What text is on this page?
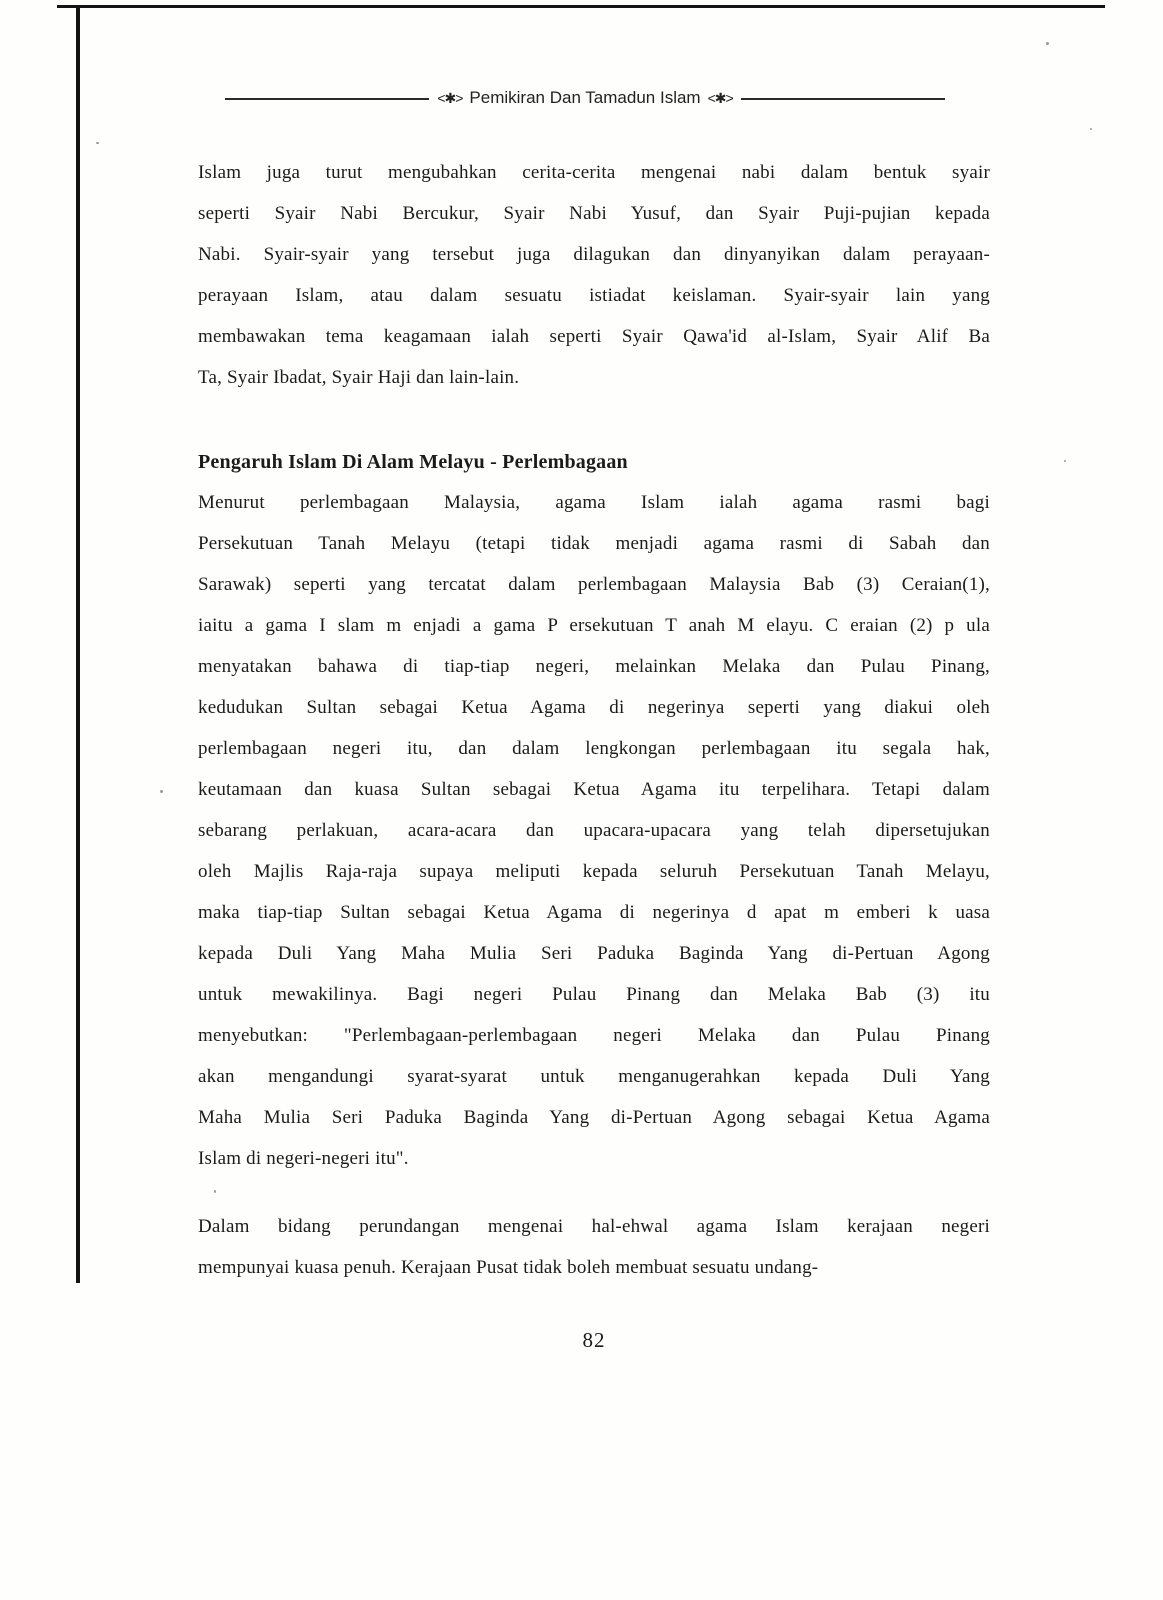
<✱> Pemikiran Dan Tamadun Islam <✱>
Islam juga turut mengubahkan cerita-cerita mengenai nabi dalam bentuk syair
seperti Syair Nabi Bercukur, Syair Nabi Yusuf, dan Syair Puji-pujian kepada
Nabi. Syair-syair yang tersebut juga dilagukan dan dinyanyikan dalam perayaan-
perayaan Islam, atau dalam sesuatu istiadat keislaman. Syair-syair lain yang
membawakan tema keagamaan ialah seperti Syair Qawa'id al-Islam, Syair Alif Ba
Ta, Syair Ibadat, Syair Haji dan lain-lain.
Pengaruh Islam Di Alam Melayu - Perlembagaan
Menurut perlembagaan Malaysia, agama Islam ialah agama rasmi bagi
Persekutuan Tanah Melayu (tetapi tidak menjadi agama rasmi di Sabah dan
Sarawak) seperti yang tercatat dalam perlembagaan Malaysia Bab (3) Ceraian(1),
iaitu a gama I slam m enjadi a gama P ersekutuan T anah M elayu. C eraian (2) p ula
menyatakan bahawa di tiap-tiap negeri, melainkan Melaka dan Pulau Pinang,
kedudukan Sultan sebagai Ketua Agama di negerinya seperti yang diakui oleh
perlembagaan negeri itu, dan dalam lengkongan perlembagaan itu segala hak,
keutamaan dan kuasa Sultan sebagai Ketua Agama itu terpelihara. Tetapi dalam
sebarang perlakuan, acara-acara dan upacara-upacara yang telah dipersetujukan
oleh Majlis Raja-raja supaya meliputi kepada seluruh Persekutuan Tanah Melayu,
maka tiap-tiap Sultan sebagai Ketua Agama di negerinya d apat m emberi k uasa
kepada Duli Yang Maha Mulia Seri Paduka Baginda Yang di-Pertuan Agong
untuk mewakilinya. Bagi negeri Pulau Pinang dan Melaka Bab (3) itu
menyebutkan: "Perlembagaan-perlembagaan negeri Melaka dan Pulau Pinang
akan mengandungi syarat-syarat untuk menganugerahkan kepada Duli Yang
Maha Mulia Seri Paduka Baginda Yang di-Pertuan Agong sebagai Ketua Agama
Islam di negeri-negeri itu".
Dalam bidang perundangan mengenai hal-ehwal agama Islam kerajaan negeri
mempunyai kuasa penuh. Kerajaan Pusat tidak boleh membuat sesuatu undang-
82
